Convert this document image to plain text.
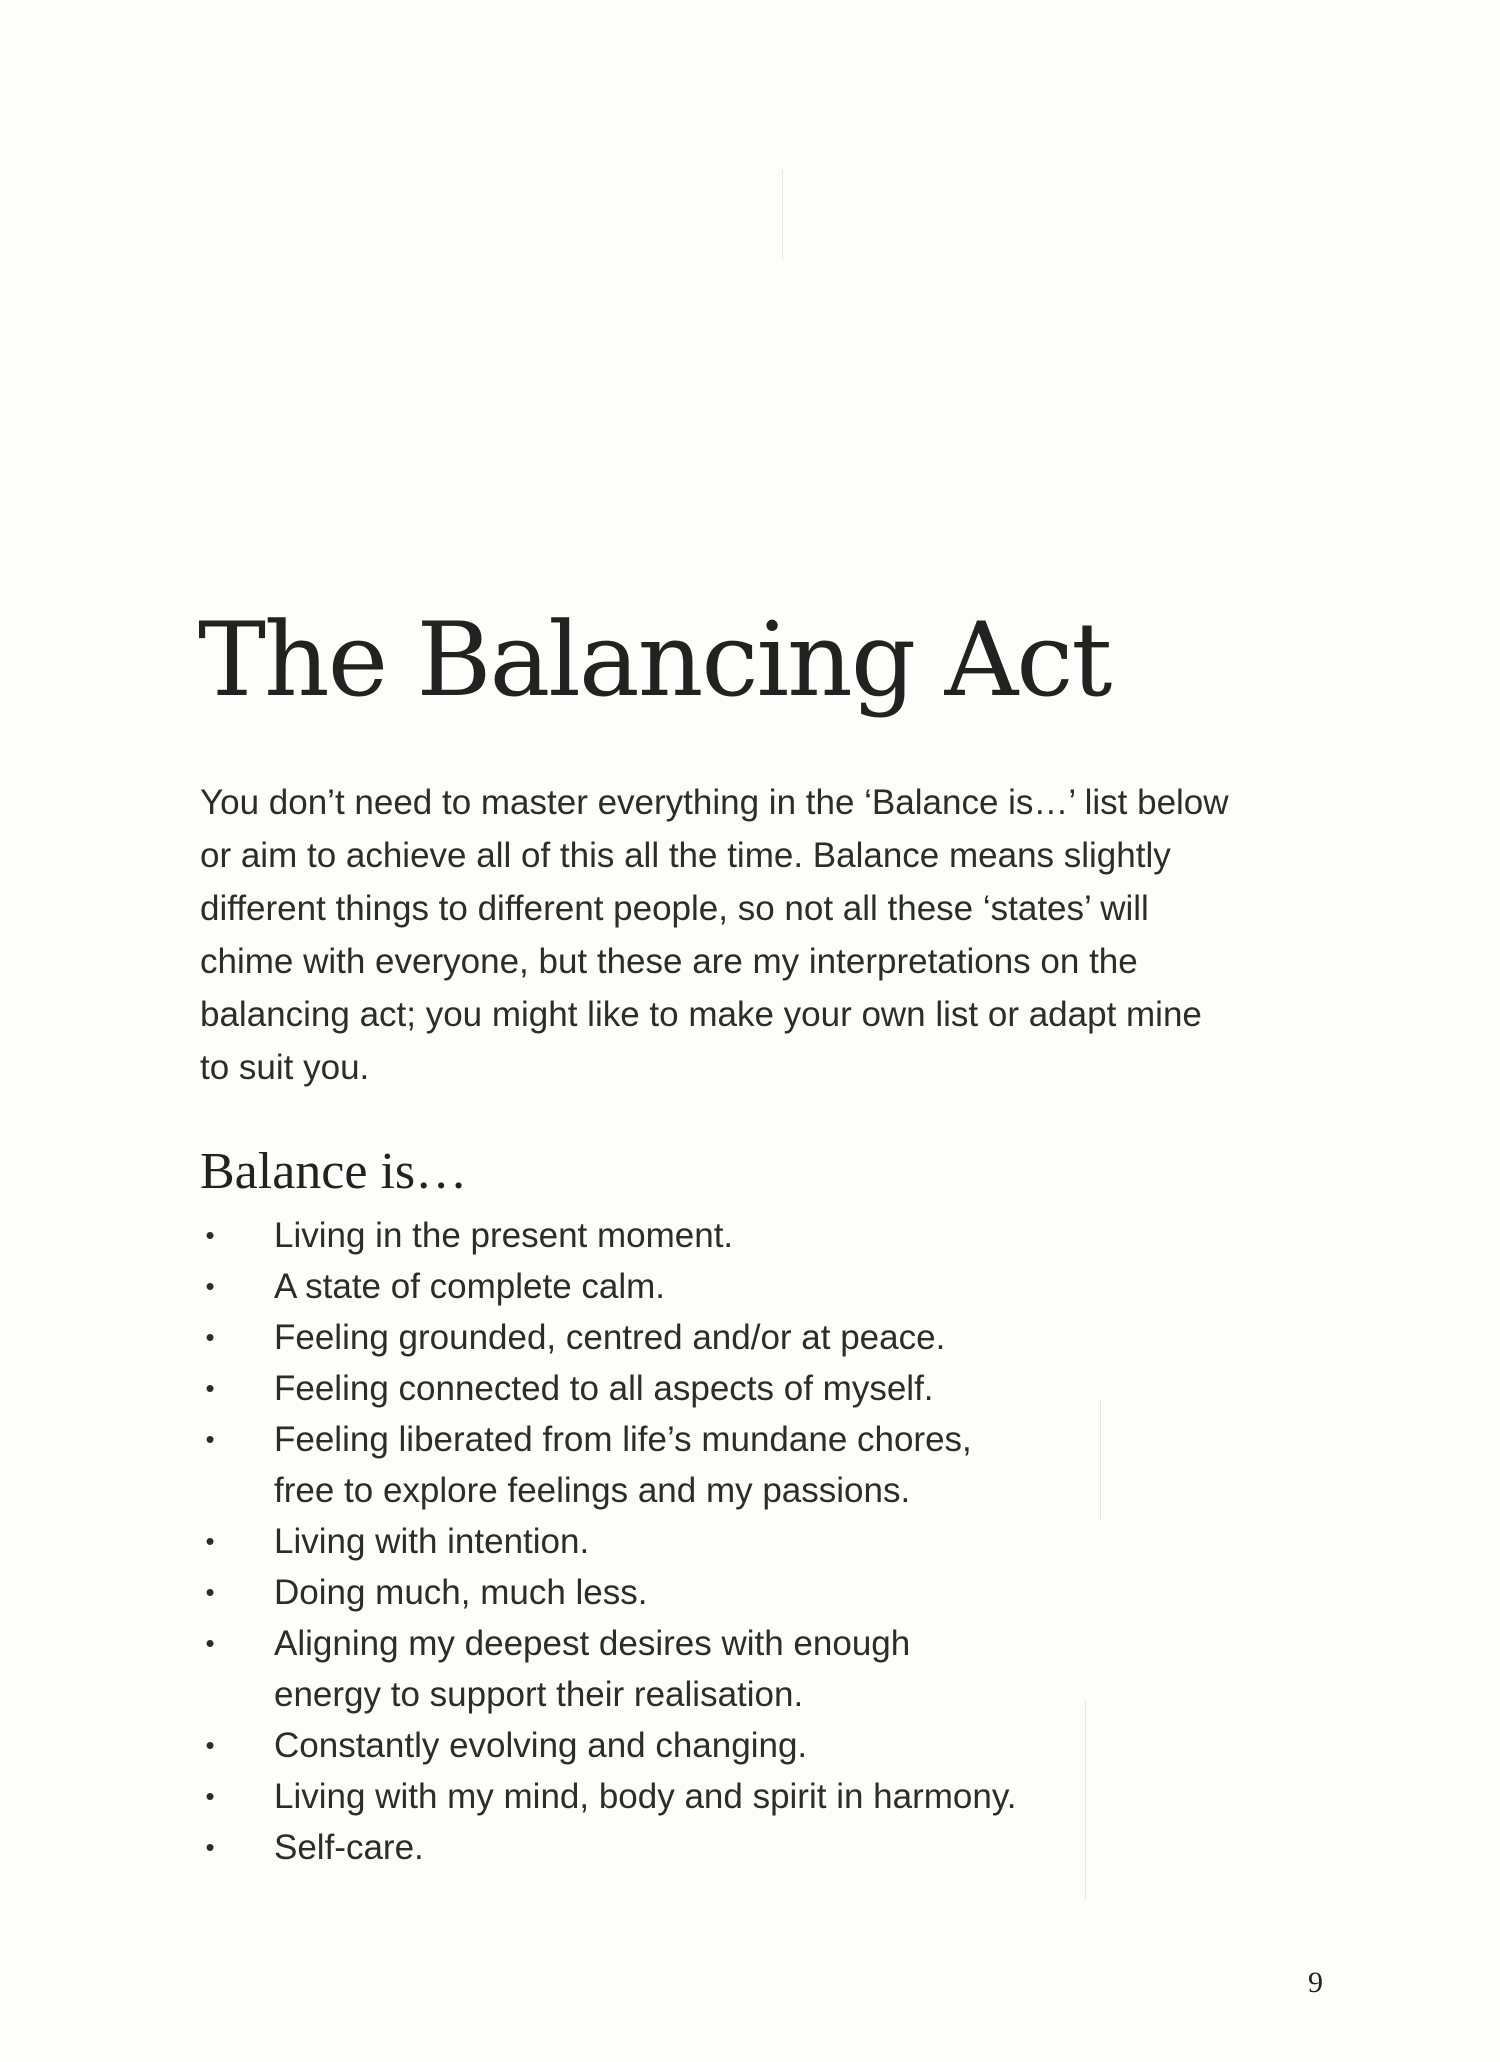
The Balancing Act

You don’t need to master everything in the ‘Balance is…’ list below
or aim to achieve all of this all the time. Balance means slightly
different things to different people, so not all these ‘states’ will
chime with everyone, but these are my interpretations on the
balancing act; you might like to make your own list or adapt mine
to suit you.

Balance is…
• Living in the present moment.
• A state of complete calm.
• Feeling grounded, centred and/or at peace.
• Feeling connected to all aspects of myself.
• Feeling liberated from life’s mundane chores,
free to explore feelings and my passions.
• Living with intention.
• Doing much, much less.
• Aligning my deepest desires with enough
energy to support their realisation.
• Constantly evolving and changing.
• Living with my mind, body and spirit in harmony.
• Self-care.
9
